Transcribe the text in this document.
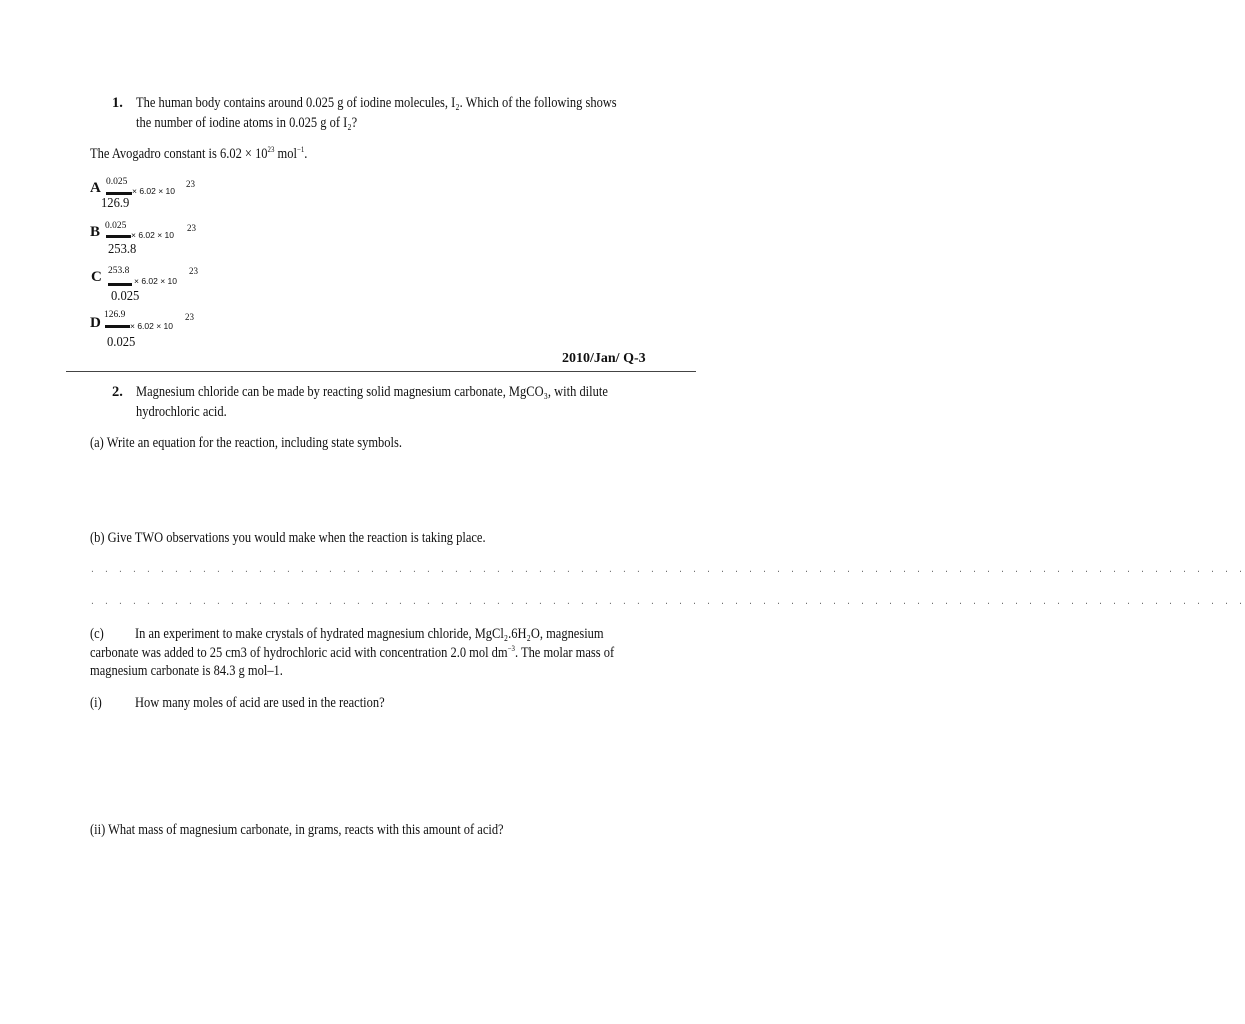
1. The human body contains around 0.025 g of iodine molecules, I₂. Which of the following shows
the number of iodine atoms in 0.025 g of I₂?
The Avogadro constant is $6.02 \times 10^{23}$ mol$^{-1}$.
A 0.025
× 6.02 × 10
23
126.9
B 0.025
× 6.02 × 10
23
253.8
C 253.8
× 6.02 × 10
23
0.025
D 126.9
× 6.02 × 10
23
0.025
2010/Jan/ Q-3
2. Magnesium chloride can be made by reacting solid magnesium carbonate, MgCO₃, with dilute
hydrochloric acid.
(a) Write an equation for the reaction, including state symbols.
(b) Give TWO observations you would make when the reaction is taking place.
. . . . . . . . . . . . . . . . . . . . . . . . . . . . . . . . . . . . . . . . . . . . . . . . . . . . . . . . . . . . . . . . . . . . . . . . . . . . . . . . . . .
. . . . . . . . . . . . . . . . . . . . . . . . . . . . . . . . . . . . . . . . . . . . . . . . . . . . . . . . . . . . . . . . . . . . . . . . . . . . . . . . . . .
(c) In an experiment to make crystals of hydrated magnesium chloride, MgCl₂.6H₂O, magnesium
carbonate was added to 25 cm3 of hydrochloric acid with concentration 2.0 mol $dm^{-3}$. The molar mass of
magnesium carbonate is 84.3 g mol–1.
(i) How many moles of acid are used in the reaction?
(ii) What mass of magnesium carbonate, in grams, reacts with this amount of acid?
